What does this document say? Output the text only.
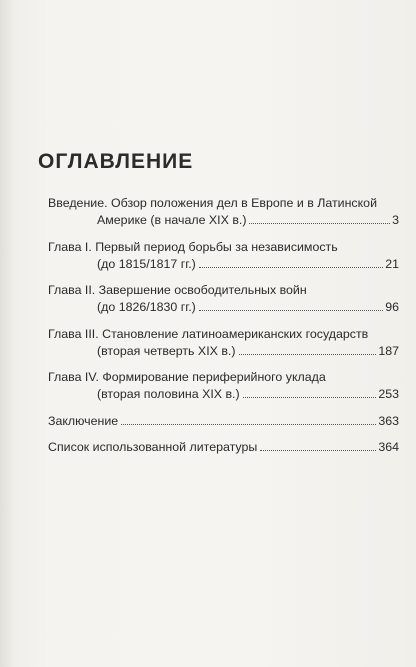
ОГЛАВЛЕНИЕ
Введение. Обзор положения дел в Европе и в Латинской
Америке (в начале XIX в.)	3
Глава I. Первый период борьбы за независимость
(до 1815/1817 гг.)	21
Глава II. Завершение освободительных войн
(до 1826/1830 гг.)	96
Глава III. Становление латиноамериканских государств
(вторая четверть XIX в.)	187
Глава IV. Формирование периферийного уклада
(вторая половина XIX в.)	253
Заключение	363
Список использованной литературы	364
